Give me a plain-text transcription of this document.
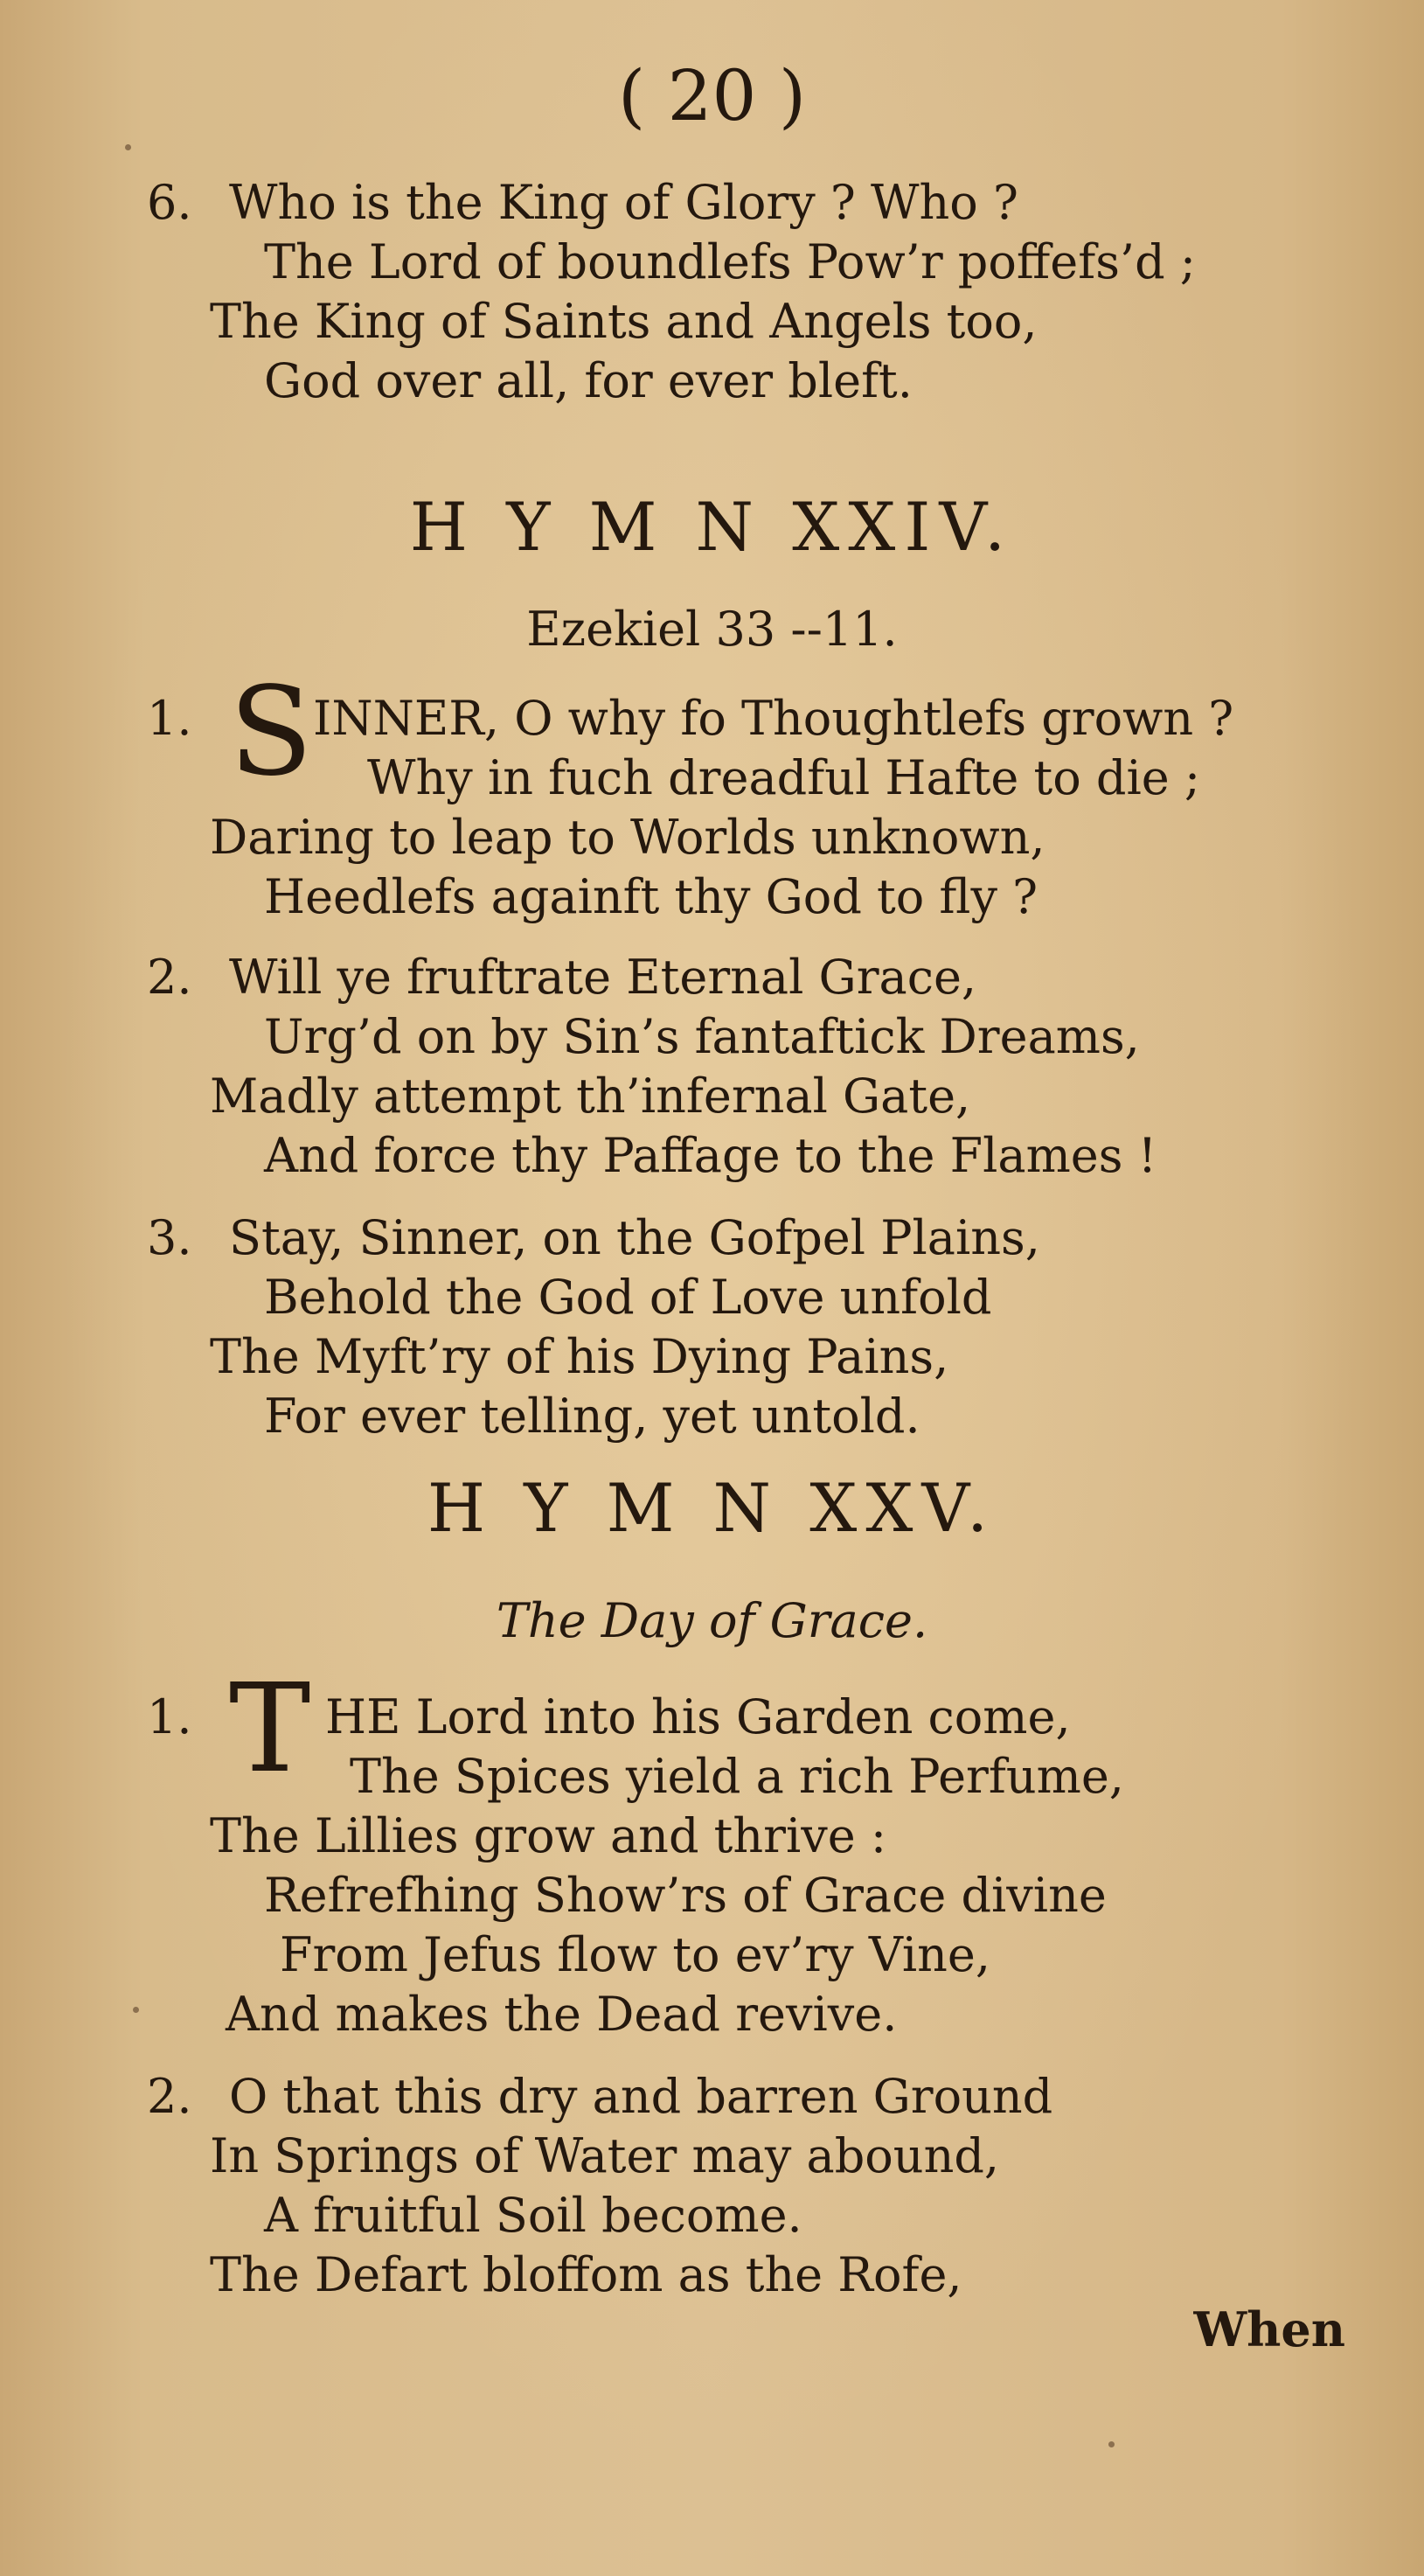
( 20 )
6. Who is the King of Glory ? Who ?

The Lord of boundlefs Pow’r poffefs’d ;

The King of Saints and Angels too,

God over all, for ever bleft.

H Y M N XXIV.
Ezekiel 33 --11.
1. S INNER, O why fo Thoughtlefs grown ?

Why in fuch dreadful Hafte to die ;

Daring to leap to Worlds unknown,

Heedlefs againft thy God to fly ?

2. Will ye fruftrate Eternal Grace,

Urg’d on by Sin’s fantaftick Dreams,

Madly attempt th’infernal Gate,

And force thy Paffage to the Flames !

3. Stay, Sinner, on the Gofpel Plains,

Behold the God of Love unfold

The Myft’ry of his Dying Pains,

For ever telling, yet untold.

H Y M N XXV.
The Day of Grace.
1. T HE Lord into his Garden come,

The Spices yield a rich Perfume,

The Lillies grow and thrive :

Refrefhing Show’rs of Grace divine

From Jefus flow to ev’ry Vine,

And makes the Dead revive.

2. O that this dry and barren Ground

In Springs of Water may abound,

A fruitful Soil become.

The Defart bloffom as the Rofe,

When
